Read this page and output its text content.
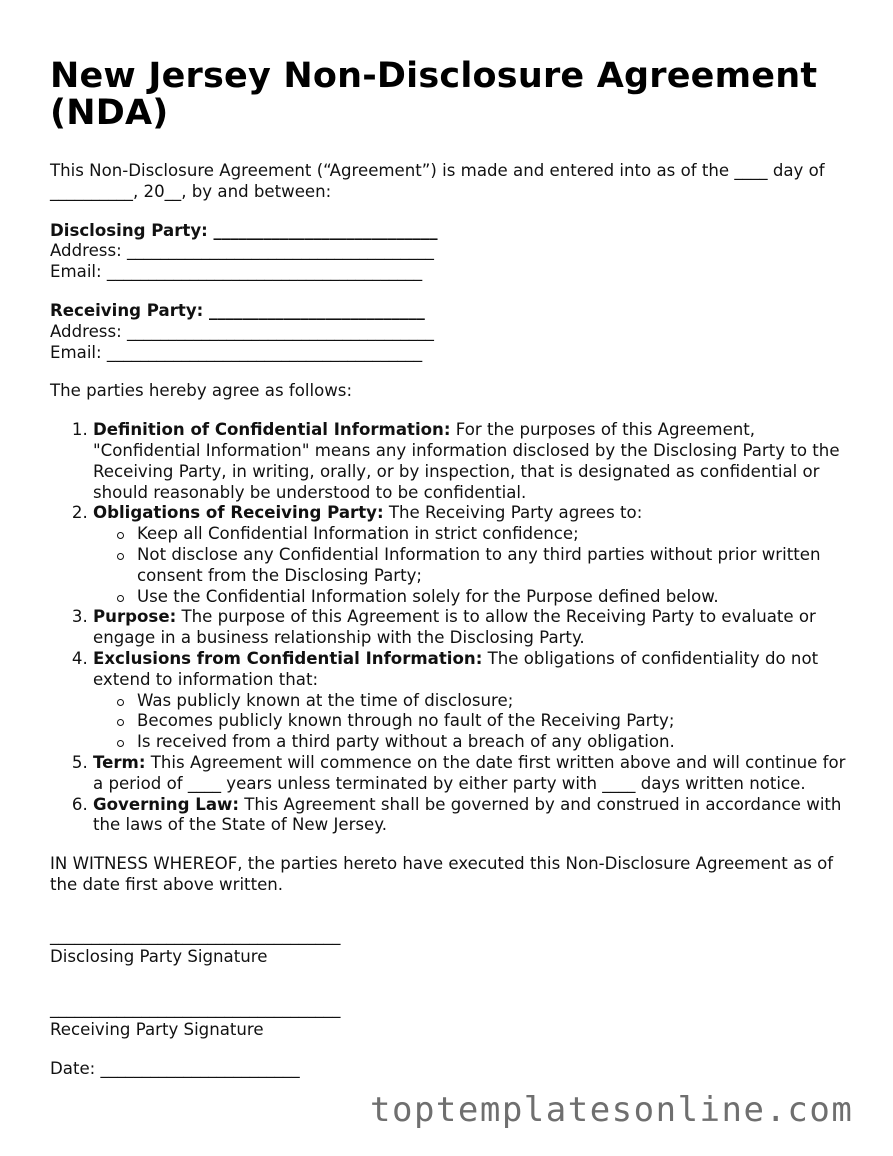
New Jersey Non-Disclosure Agreement (NDA)

This Non-Disclosure Agreement (“Agreement”) is made and entered into as of the ____ day of __________, 20__, by and between:

Disclosing Party: ___________________________
Address: _____________________________________
Email: ______________________________________
Receiving Party: __________________________
Address: _____________________________________
Email: ______________________________________

The parties hereby agree as follows:

1. Definition of Confidential Information: For the purposes of this Agreement, "Confidential Information" means any information disclosed by the Disclosing Party to the Receiving Party, in writing, orally, or by inspection, that is designated as confidential or should reasonably be understood to be confidential.
2. Obligations of Receiving Party: The Receiving Party agrees to:
Keep all Confidential Information in strict confidence;
Not disclose any Confidential Information to any third parties without prior written consent from the Disclosing Party;
Use the Confidential Information solely for the Purpose defined below.
3. Purpose: The purpose of this Agreement is to allow the Receiving Party to evaluate or engage in a business relationship with the Disclosing Party.
4. Exclusions from Confidential Information: The obligations of confidentiality do not extend to information that:
Was publicly known at the time of disclosure;
Becomes publicly known through no fault of the Receiving Party;
Is received from a third party without a breach of any obligation.
5. Term: This Agreement will commence on the date first written above and will continue for a period of ____ years unless terminated by either party with ____ days written notice.
6. Governing Law: This Agreement shall be governed by and construed in accordance with the laws of the State of New Jersey.

IN WITNESS WHEREOF, the parties hereto have executed this Non-Disclosure Agreement as of the date first above written.

___________________________________
Disclosing Party Signature
___________________________________
Receiving Party Signature
Date: ________________________
toptemplatesonline.com
